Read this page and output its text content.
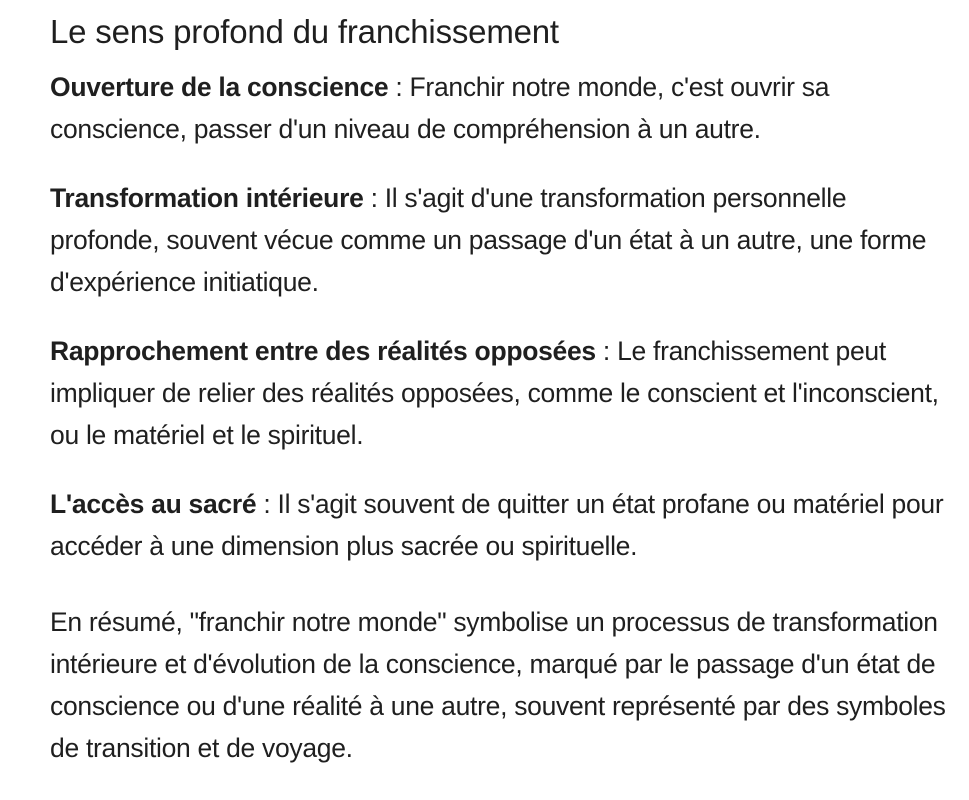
Le sens profond du franchissement

Ouverture de la conscience : Franchir notre monde, c'est ouvrir sa conscience, passer d'un niveau de compréhension à un autre.

Transformation intérieure : Il s'agit d'une transformation personnelle profonde, souvent vécue comme un passage d'un état à un autre, une forme d'expérience initiatique.

Rapprochement entre des réalités opposées : Le franchissement peut impliquer de relier des réalités opposées, comme le conscient et l'inconscient, ou le matériel et le spirituel.

L'accès au sacré : Il s'agit souvent de quitter un état profane ou matériel pour accéder à une dimension plus sacrée ou spirituelle.

En résumé, "franchir notre monde" symbolise un processus de transformation intérieure et d'évolution de la conscience, marqué par le passage d'un état de conscience ou d'une réalité à une autre, souvent représenté par des symboles de transition et de voyage.
